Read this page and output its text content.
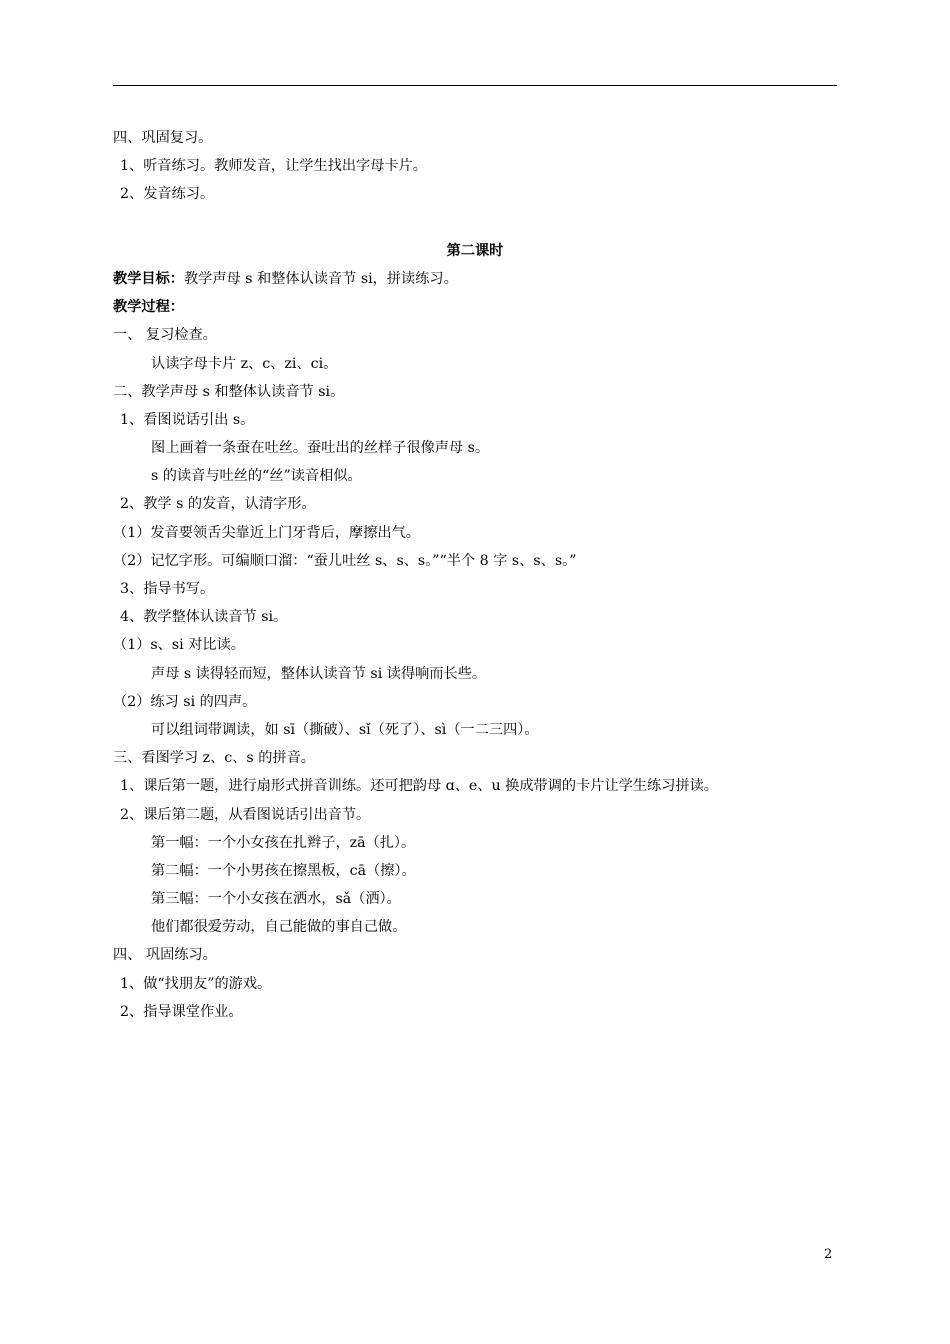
四、巩固复习。
1、听音练习。教师发音，让学生找出字母卡片。
2、发音练习。
第二课时
教学目标：教学声母 s 和整体认读音节 si，拼读练习。
教学过程：
一、 复习检查。
认读字母卡片 z、c、zi、ci。
二、教学声母 s 和整体认读音节 si。
1、看图说话引出 s。
图上画着一条蚕在吐丝。蚕吐出的丝样子很像声母 s。
s 的读音与吐丝的“丝”读音相似。
2、教学 s 的发音，认清字形。
（1）发音要领舌尖靠近上门牙背后，摩擦出气。
（2）记忆字形。可编顺口溜：“蚕儿吐丝 s、s、s。”“半个 8 字 s、s、s。”
3、指导书写。
4、教学整体认读音节 si。
（1）s、si 对比读。
声母 s 读得轻而短，整体认读音节 si 读得响而长些。
（2）练习 si 的四声。
可以组词带调读，如 sī（撕破）、sǐ（死了）、sì（一二三四）。
三、看图学习 z、c、s 的拼音。
1、课后第一题，进行扇形式拼音训练。还可把韵母 ɑ、e、u 换成带调的卡片让学生练习拼读。
2、课后第二题，从看图说话引出音节。
第一幅：一个小女孩在扎辫子，zā（扎）。
第二幅：一个小男孩在擦黑板，cā（擦）。
第三幅：一个小女孩在洒水，sǎ（洒）。
他们都很爱劳动，自己能做的事自己做。
四、 巩固练习。
1、做“找朋友”的游戏。
2、指导课堂作业。
2
